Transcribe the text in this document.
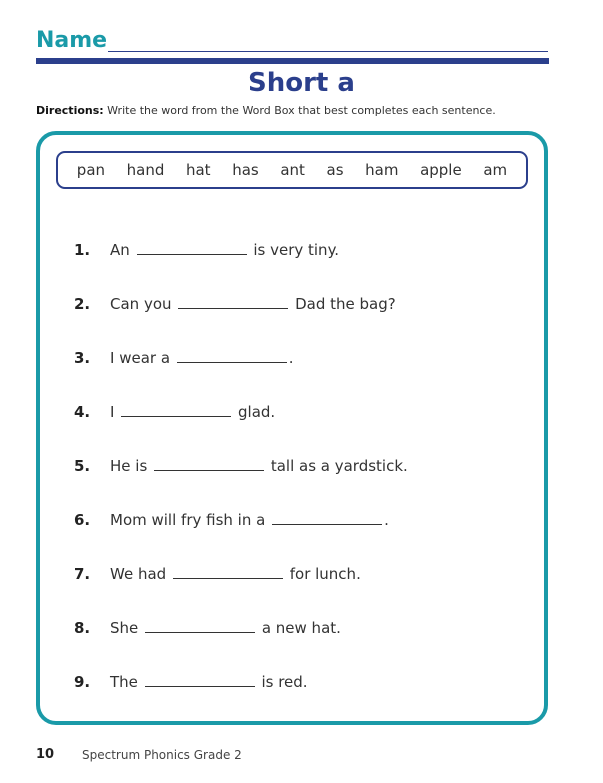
Name
Short a
Directions: Write the word from the Word Box that best completes each sentence.
pan hand hat has ant as ham apple am
1. An	is very tiny.
2. Can you	Dad the bag?
3. I wear a	.
4. I	glad.
5. He is	tall as a yardstick.
6. Mom will fry fish in a	.
7. We had	for lunch.
8. She	a new hat.
9. The	is red.
10 Spectrum Phonics Grade 2
